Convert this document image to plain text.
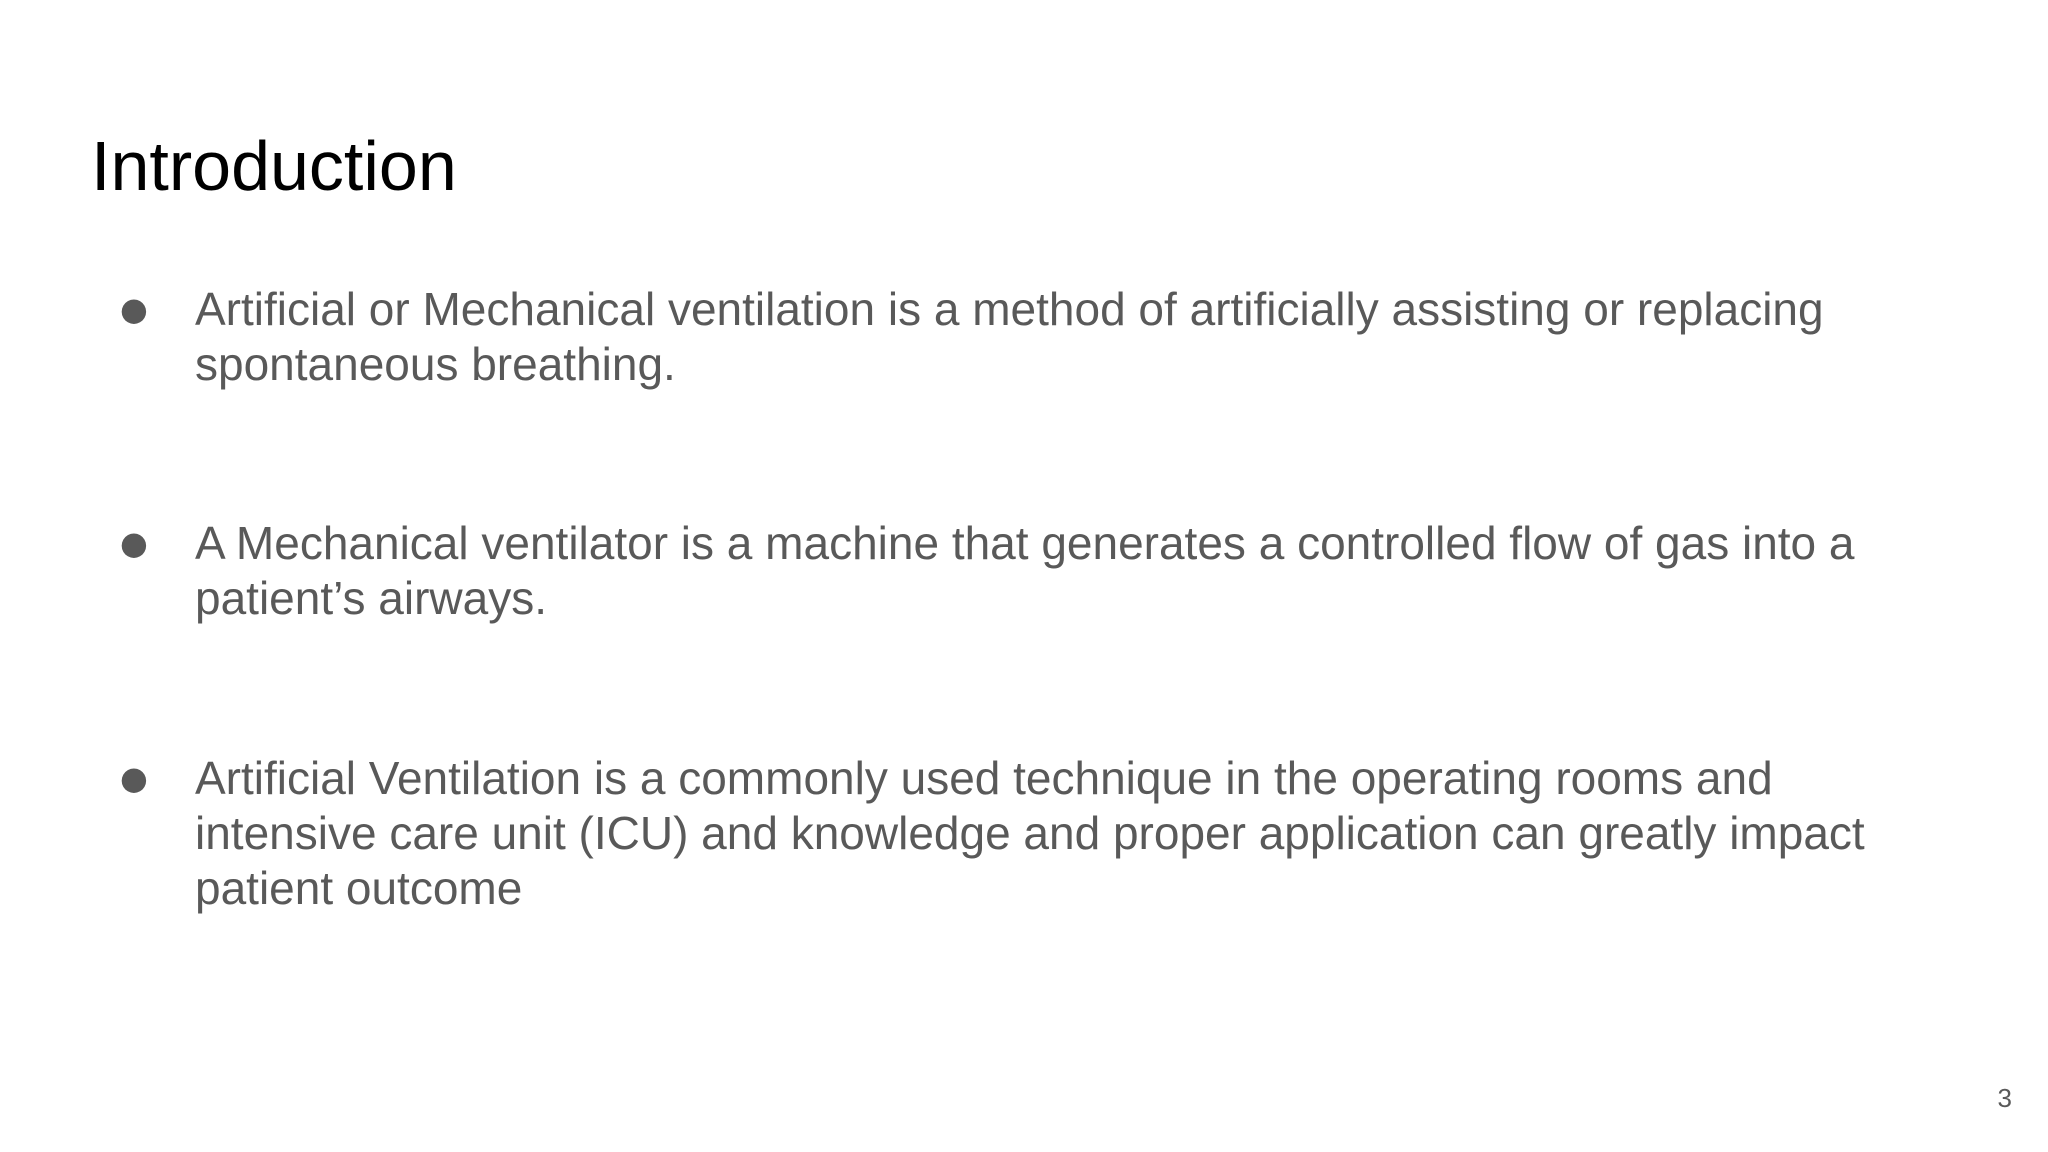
Introduction
● Artificial or Mechanical ventilation is a method of artificially assisting or replacing
spontaneous breathing.
● A Mechanical ventilator is a machine that generates a controlled flow of gas into a
patient’s airways.
● Artificial Ventilation is a commonly used technique in the operating rooms and
intensive care unit (ICU) and knowledge and proper application can greatly impact
patient outcome
3
